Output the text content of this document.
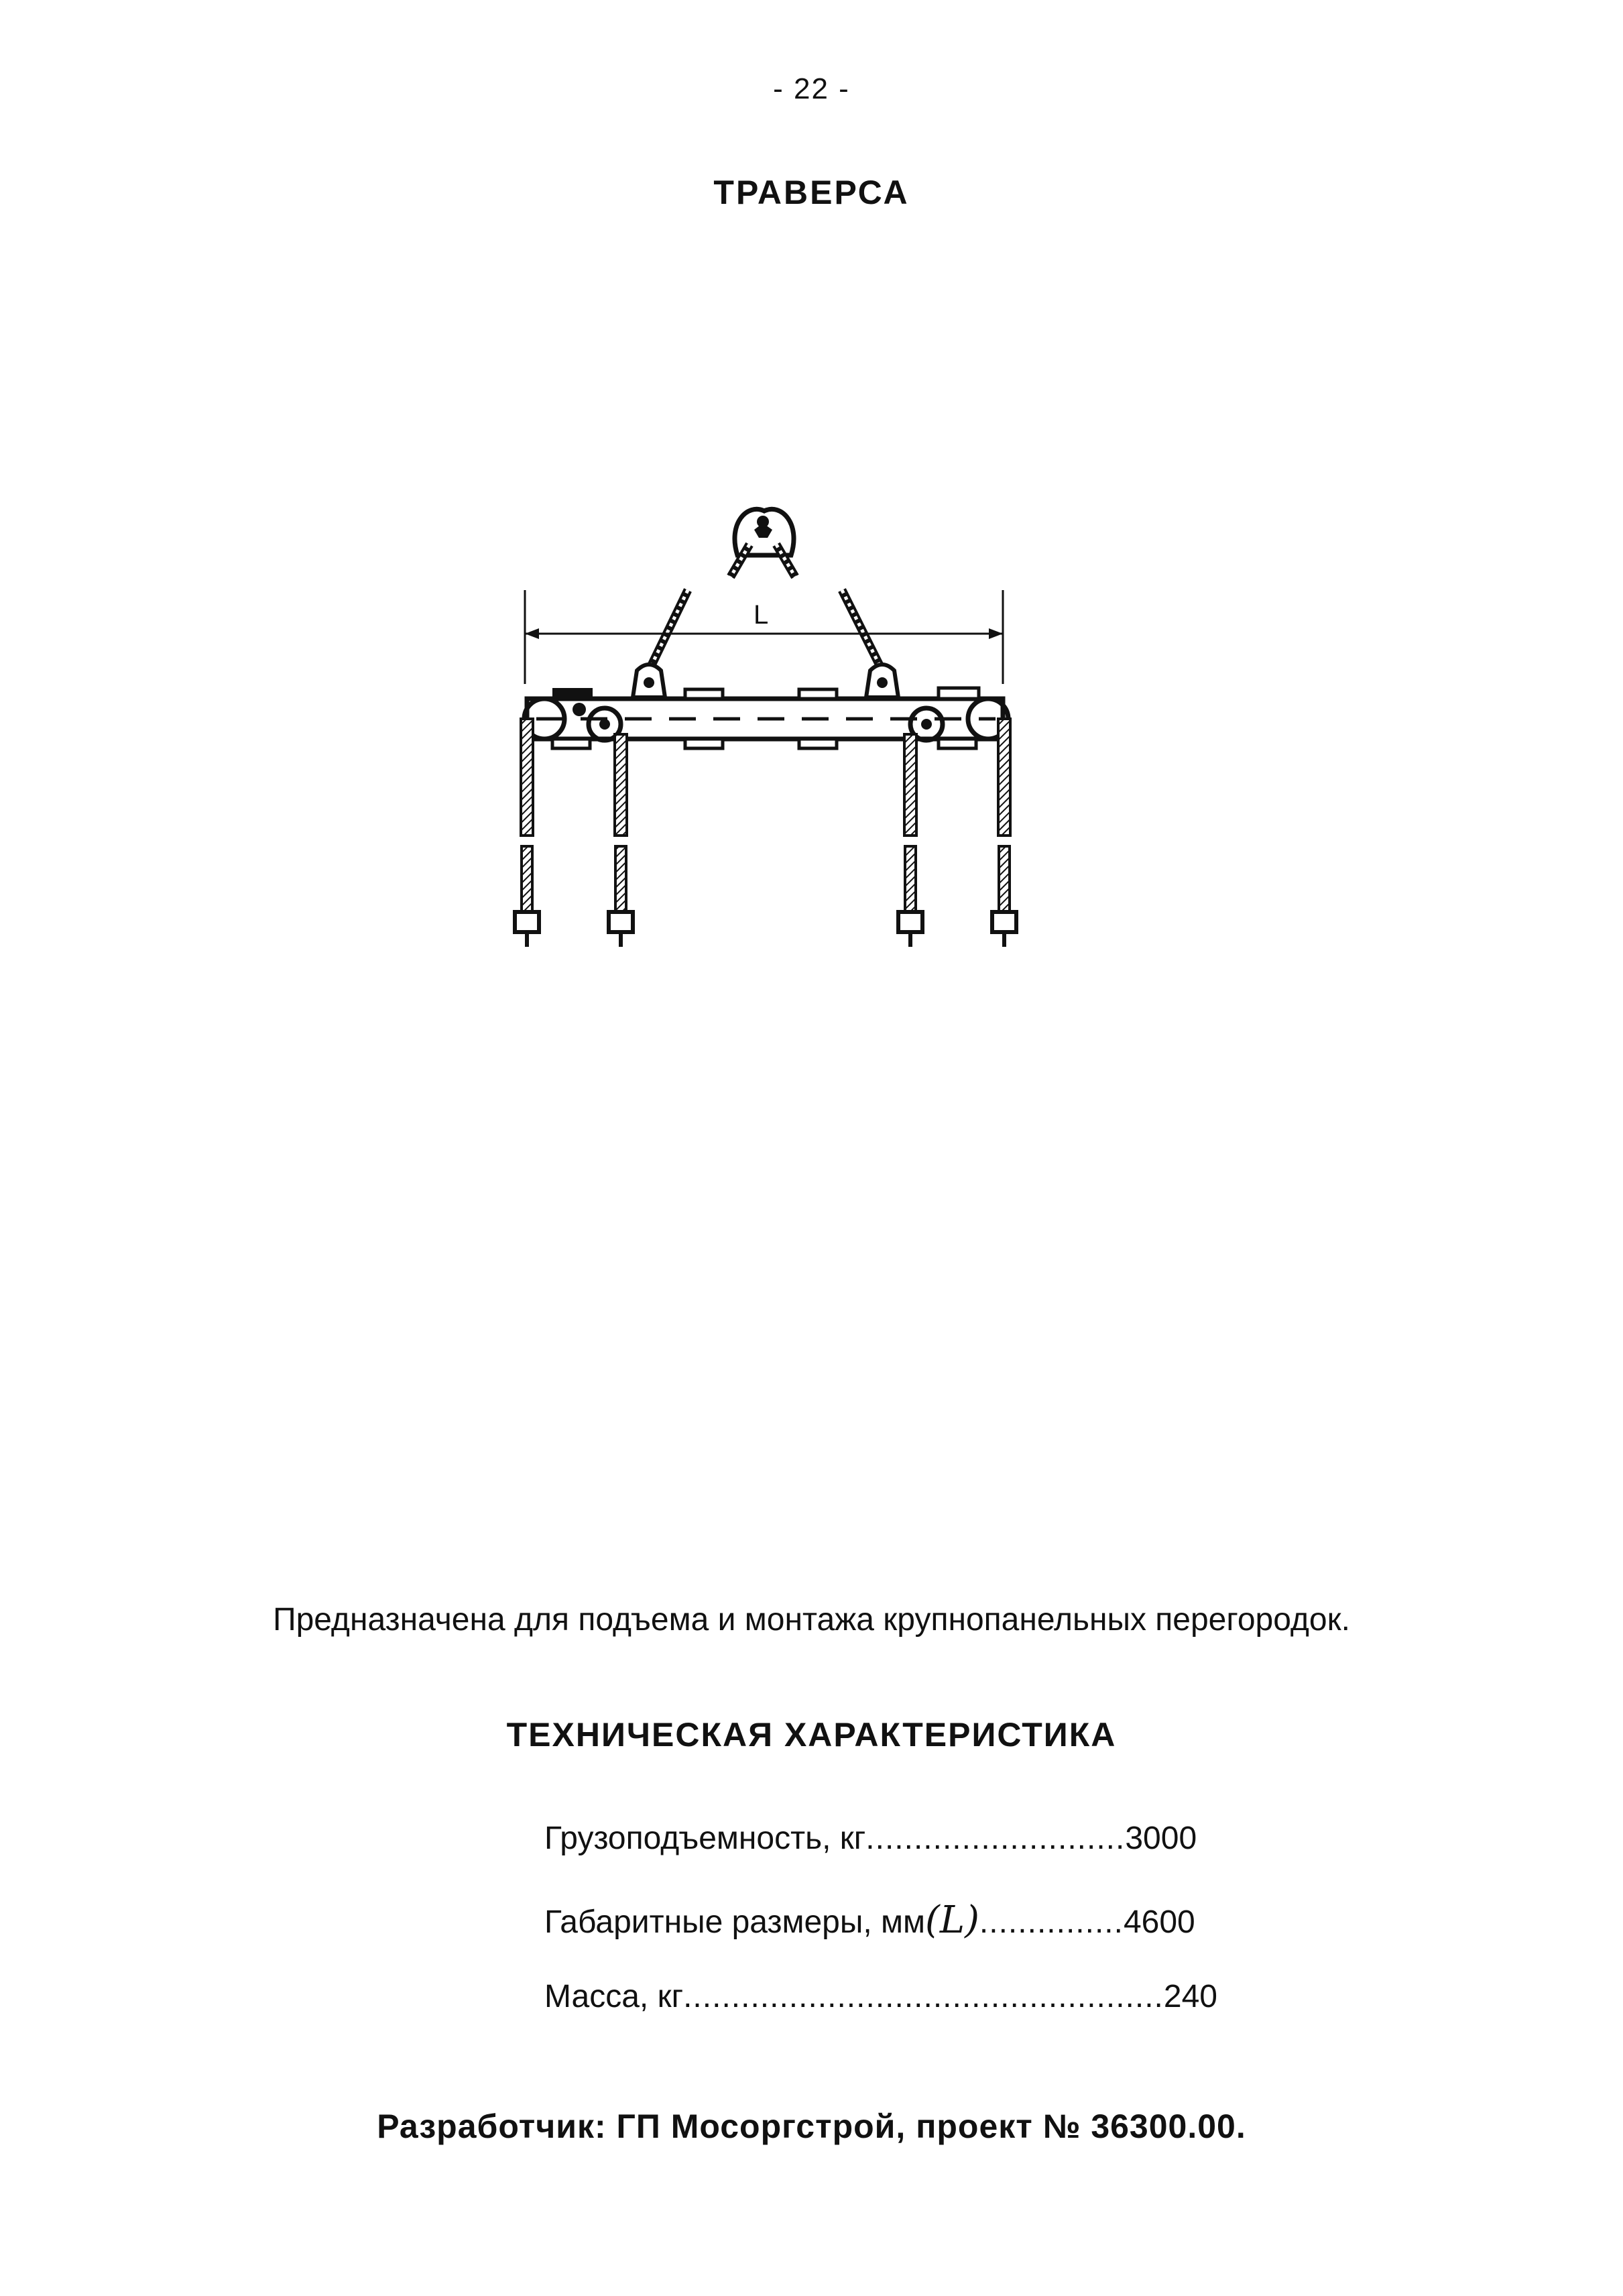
- 22 -
ТРАВЕРСА
L
Предназначена для подъема и монтажа крупнопанельных перегородок.
ТЕХНИЧЕСКАЯ ХАРАКТЕРИСТИКА
Грузоподъемность, кг...........................3000
Габаритные размеры, мм(L)...............4600
Масса, кг..................................................240
Разработчик: ГП Мосоргстрой, проект № 36300.00.
